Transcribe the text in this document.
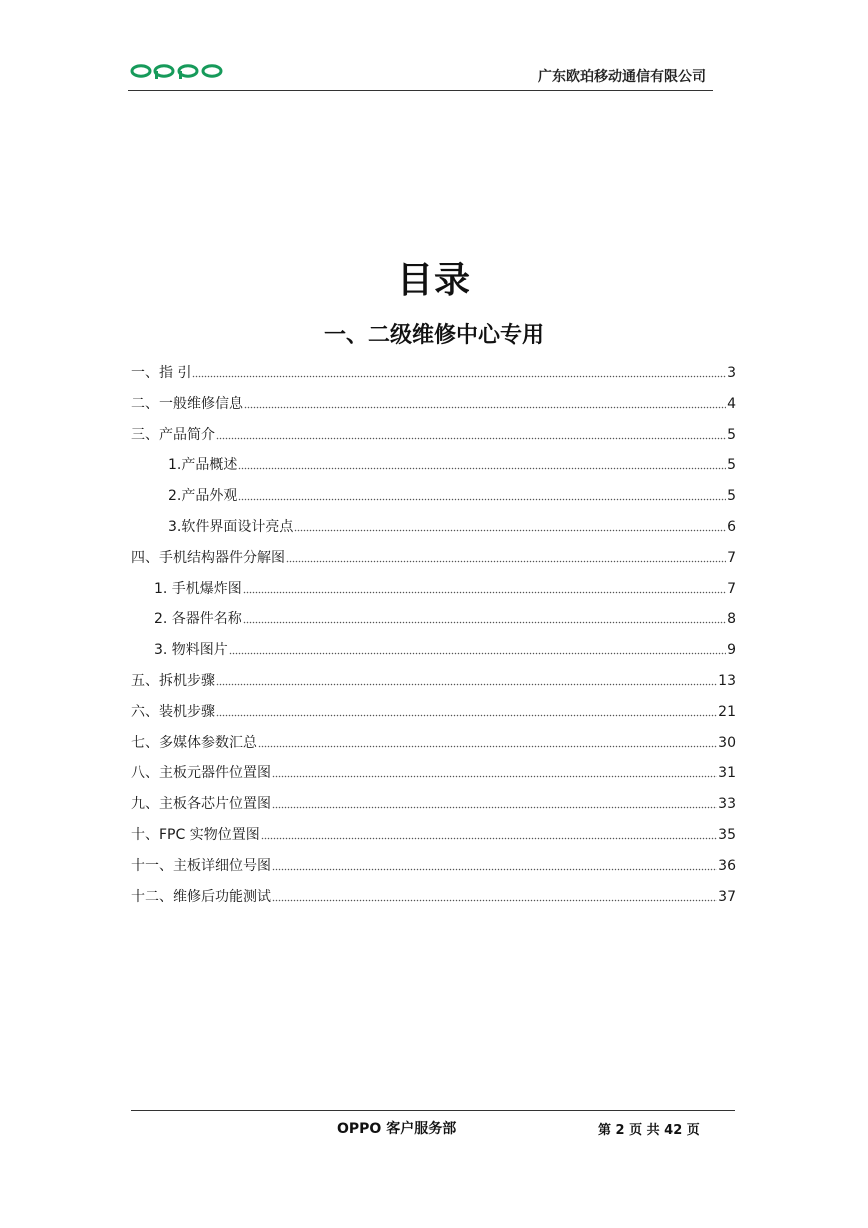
广东欧珀移动通信有限公司
目录
一、二级维修中心专用
一、指 引	3
二、一般维修信息	4
三、产品简介	5
1.产品概述	5
2.产品外观	5
3.软件界面设计亮点	6
四、手机结构器件分解图	7
1. 手机爆炸图	7
2. 各器件名称	8
3. 物料图片	9
五、拆机步骤	13
六、装机步骤	21
七、多媒体参数汇总	30
八、主板元器件位置图	31
九、主板各芯片位置图	33
十、FPC 实物位置图	35
十一、主板详细位号图	36
十二、维修后功能测试	37
OPPO 客户服务部	第 2 页 共 42 页
